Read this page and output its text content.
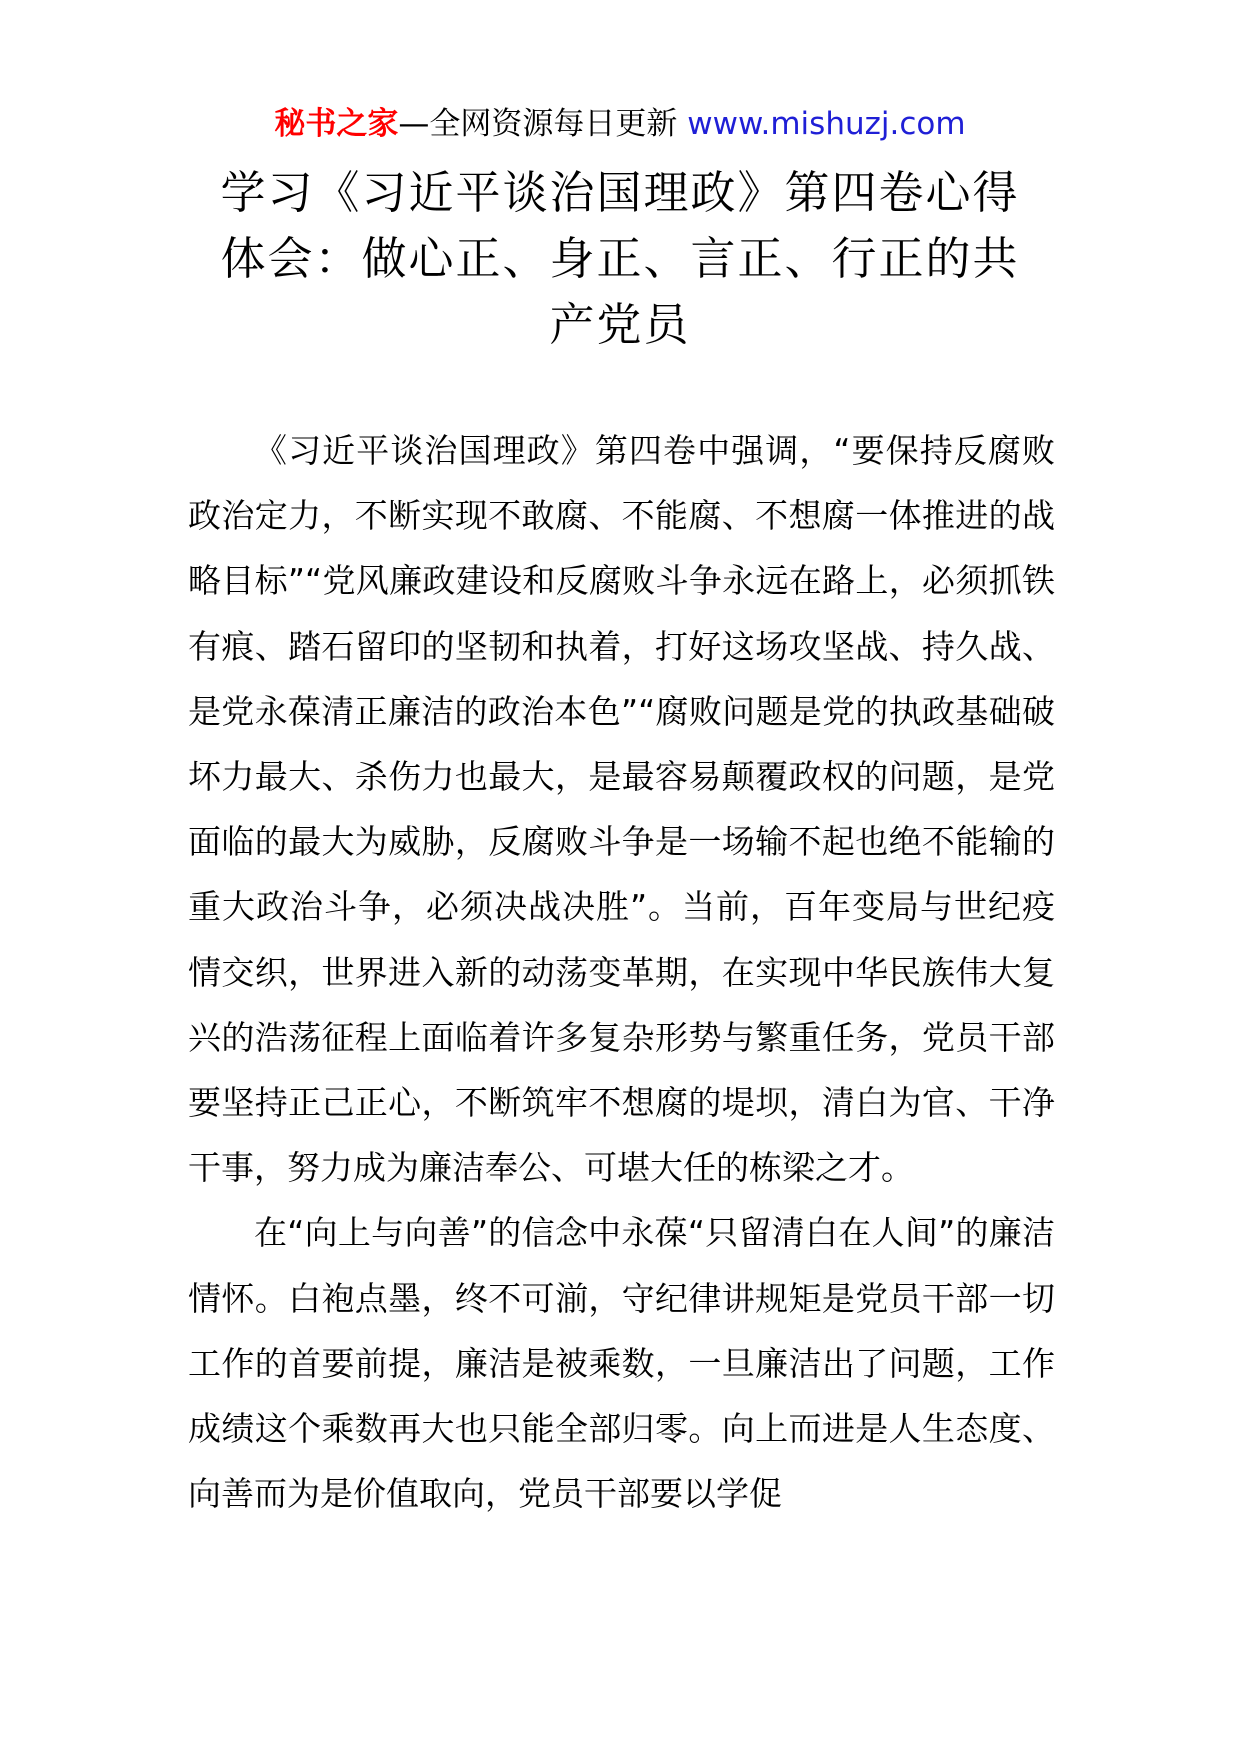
秘书之家—全网资源每日更新 www.mishuzj.com
学习《习近平谈治国理政》第四卷心得体会：做心正、身正、言正、行正的共产党员

《习近平谈治国理政》第四卷中强调，“要保持反腐败政治定力，不断实现不敢腐、不能腐、不想腐一体推进的战略目标”“党风廉政建设和反腐败斗争永远在路上，必须抓铁有痕、踏石留印的坚韧和执着，打好这场攻坚战、持久战、是党永葆清正廉洁的政治本色”“腐败问题是党的执政基础破坏力最大、杀伤力也最大，是最容易颠覆政权的问题，是党面临的最大为威胁，反腐败斗争是一场输不起也绝不能输的重大政治斗争，必须决战决胜”。当前，百年变局与世纪疫情交织，世界进入新的动荡变革期，在实现中华民族伟大复兴的浩荡征程上面临着许多复杂形势与繁重任务，党员干部要坚持正己正心，不断筑牢不想腐的堤坝，清白为官、干净干事，努力成为廉洁奉公、可堪大任的栋梁之才。

在“向上与向善”的信念中永葆“只留清白在人间”的廉洁情怀。白袍点墨，终不可湔，守纪律讲规矩是党员干部一切工作的首要前提，廉洁是被乘数，一旦廉洁出了问题，工作成绩这个乘数再大也只能全部归零。向上而进是人生态度、向善而为是价值取向，党员干部要以学促
